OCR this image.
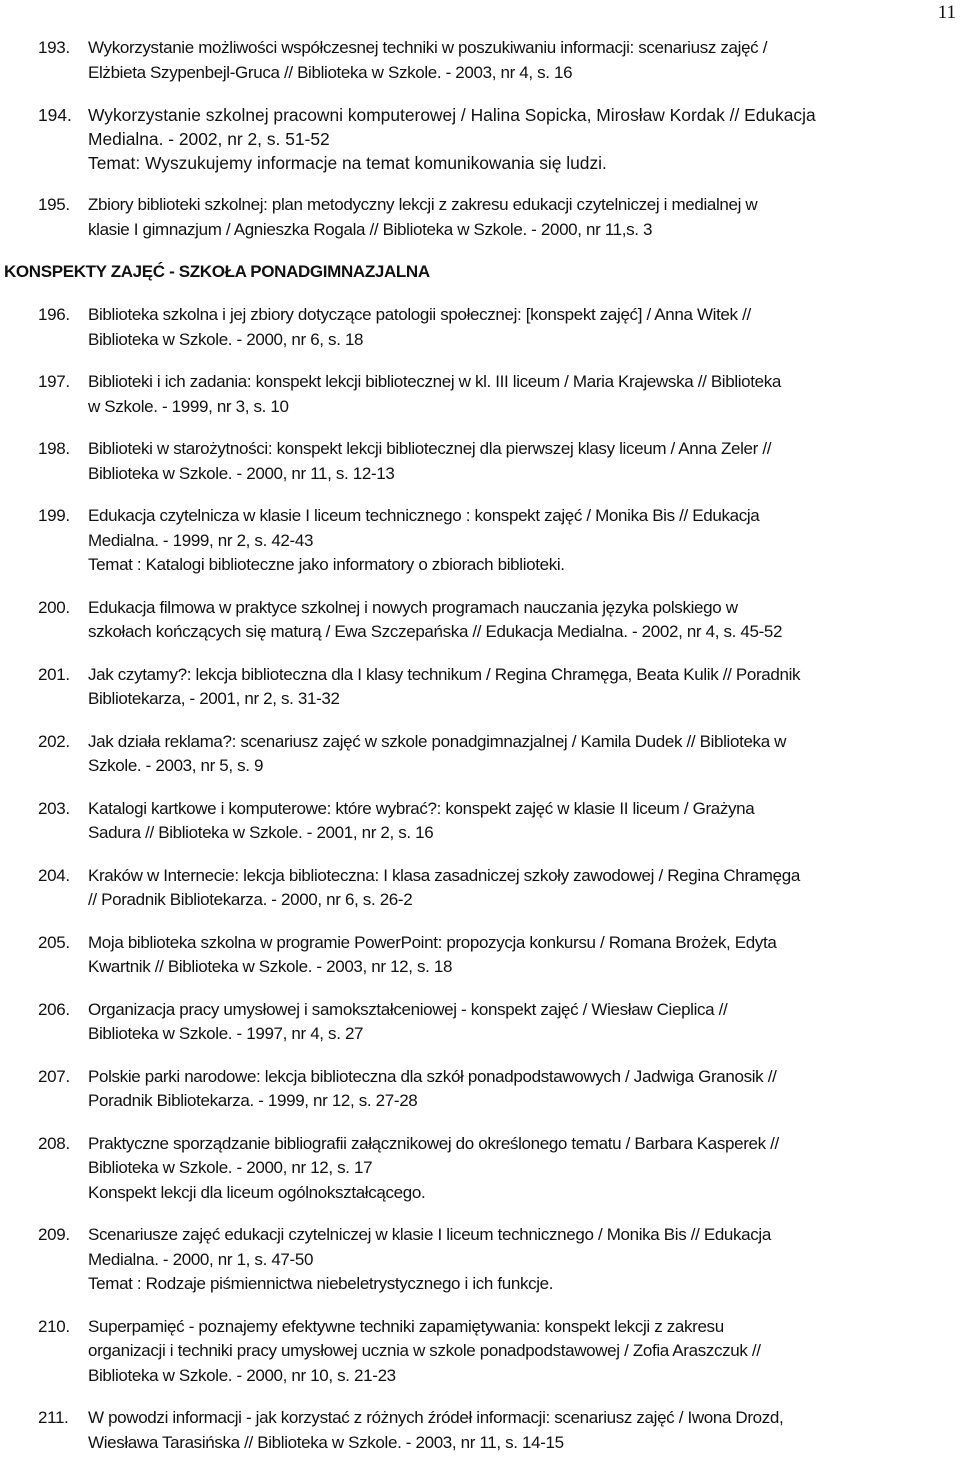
11
193.	Wykorzystanie możliwości współczesnej techniki w poszukiwaniu informacji: scenariusz zajęć /
Elżbieta Szypenbejl-Gruca // Biblioteka w Szkole. - 2003, nr 4, s. 16
194. Wykorzystanie szkolnej pracowni komputerowej / Halina Sopicka, Mirosław Kordak // Edukacja
Medialna. - 2002, nr 2, s. 51-52
Temat: Wyszukujemy informacje na temat komunikowania się ludzi.
195.	Zbiory biblioteki szkolnej: plan metodyczny lekcji z zakresu edukacji czytelniczej i medialnej w
klasie I gimnazjum / Agnieszka Rogala // Biblioteka w Szkole. - 2000, nr 11,s. 3
KONSPEKTY ZAJĘĆ - SZKOŁA PONADGIMNAZJALNA
196.	Biblioteka szkolna i jej zbiory dotyczące patologii społecznej: [konspekt zajęć] / Anna Witek //
Biblioteka w Szkole. - 2000, nr 6, s. 18
197.	Biblioteki i ich zadania: konspekt lekcji bibliotecznej w kl. III liceum / Maria Krajewska // Biblioteka
w Szkole. - 1999, nr 3, s. 10
198.	Biblioteki w starożytności: konspekt lekcji bibliotecznej dla pierwszej klasy liceum / Anna Zeler //
Biblioteka w Szkole. - 2000, nr 11, s. 12-13
199.	Edukacja czytelnicza w klasie I liceum technicznego : konspekt zajęć / Monika Bis // Edukacja
Medialna. - 1999, nr 2, s. 42-43
Temat : Katalogi biblioteczne jako informatory o zbiorach biblioteki.
200.	Edukacja filmowa w praktyce szkolnej i nowych programach nauczania języka polskiego w
szkołach kończących się maturą / Ewa Szczepańska // Edukacja Medialna. - 2002, nr 4, s. 45-52
201.	Jak czytamy?: lekcja biblioteczna dla I klasy technikum / Regina Chramęga, Beata Kulik // Poradnik
Bibliotekarza, - 2001, nr 2, s. 31-32
202.	Jak działa reklama?: scenariusz zajęć w szkole ponadgimnazjalnej / Kamila Dudek // Biblioteka w
Szkole. - 2003, nr 5, s. 9
203.	Katalogi kartkowe i komputerowe: które wybrać?: konspekt zajęć w klasie II liceum / Grażyna
Sadura // Biblioteka w Szkole. - 2001, nr 2, s. 16
204.	Kraków w Internecie: lekcja biblioteczna: I klasa zasadniczej szkoły zawodowej / Regina Chramęga
// Poradnik Bibliotekarza. - 2000, nr 6, s. 26-2
205.	Moja biblioteka szkolna w programie PowerPoint: propozycja konkursu / Romana Brożek, Edyta
Kwartnik // Biblioteka w Szkole. - 2003, nr 12, s. 18
206.	Organizacja pracy umysłowej i samokształceniowej - konspekt zajęć / Wiesław Cieplica //
Biblioteka w Szkole. - 1997, nr 4, s. 27
207.	Polskie parki narodowe: lekcja biblioteczna dla szkół ponadpodstawowych / Jadwiga Granosik //
Poradnik Bibliotekarza. - 1999, nr 12, s. 27-28
208.	Praktyczne sporządzanie bibliografii załącznikowej do określonego tematu / Barbara Kasperek //
Biblioteka w Szkole. - 2000, nr 12, s. 17
Konspekt lekcji dla liceum ogólnokształcącego.
209.	Scenariusze zajęć edukacji czytelniczej w klasie I liceum technicznego / Monika Bis // Edukacja
Medialna. - 2000, nr 1, s. 47-50
Temat : Rodzaje piśmiennictwa niebeletrystycznego i ich funkcje.
210.	Superpamięć - poznajemy efektywne techniki zapamiętywania: konspekt lekcji z zakresu
organizacji i techniki pracy umysłowej ucznia w szkole ponadpodstawowej / Zofia Araszczuk //
Biblioteka w Szkole. - 2000, nr 10, s. 21-23
211.	W powodzi informacji - jak korzystać z różnych źródeł informacji: scenariusz zajęć / Iwona Drozd,
Wiesława Tarasińska // Biblioteka w Szkole. - 2003, nr 11, s. 14-15
